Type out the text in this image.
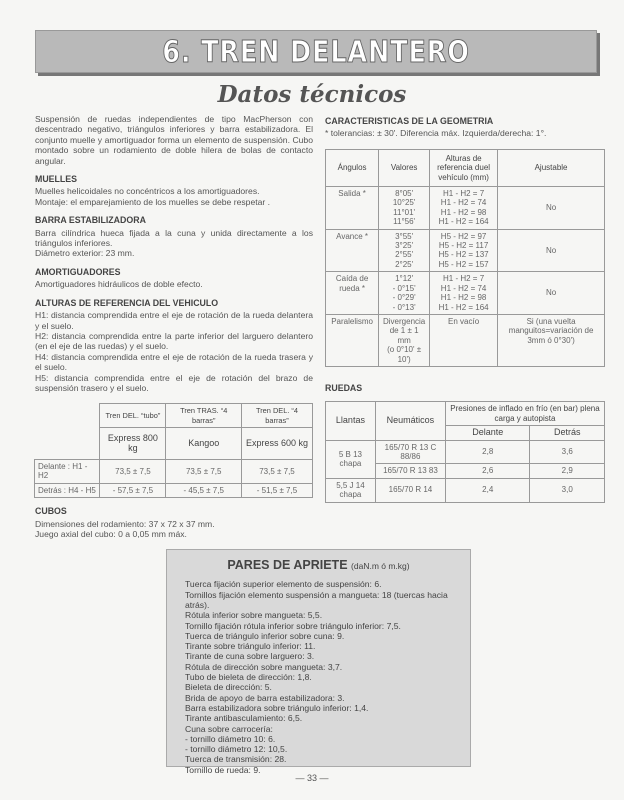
6. TREN DELANTERO
Datos técnicos

Suspensión de ruedas independientes de tipo MacPherson con descentrado negativo, triángulos inferiores y barra estabilizadora. El conjunto muelle y amortiguador forma un elemento de suspensión. Cubo montado sobre un rodamiento de doble hilera de bolas de contacto angular.

MUELLES

Muelles helicoidales no concéntricos a los amortiguadores.

Montaje: el emparejamiento de los muelles se debe respetar .

BARRA ESTABILIZADORA

Barra cilíndrica hueca fijada a la cuna y unida directamente a los triángulos inferiores.

Diámetro exterior: 23 mm.

AMORTIGUADORES

Amortiguadores hidráulicos de doble efecto.

ALTURAS DE REFERENCIA DEL VEHICULO

H1: distancia comprendida entre el eje de rotación de la rueda delantera y el suelo.

H2: distancia comprendida entre la parte inferior del larguero delantero (en el eje de las ruedas) y el suelo.

H4: distancia comprendida entre el eje de rotación de la rueda trasera y el suelo.

H5: distancia comprendida entre el eje de rotación del brazo de suspensión trasero y el suelo.

	Tren DEL. “tubo”	Tren TRAS. “4 barras”	Tren DEL. “4 barras”
	Express 800 kg	Kangoo	Express 600 kg
Delante : H1 - H2	73,5 ± 7,5	73,5 ± 7,5	73,5 ± 7,5
Detrás : H4 - H5	- 57,5 ± 7,5	- 45,5 ± 7,5	- 51,5 ± 7,5
CUBOS
Dimensiones del rodamiento: 37 x 72 x 37 mm.
Juego axial del cubo: 0 a 0,05 mm máx.
CARACTERISTICAS DE LA GEOMETRIA
* tolerancias: ± 30'. Diferencia máx. Izquierda/derecha: 1°.
Ángulos	Valores	Alturas de referencia duel vehículo (mm)	Ajustable
Salida *	8°05'
10°25'
11°01'
11°56'	H1 - H2 = 7
H1 - H2 = 74
H1 - H2 = 98
H1 - H2 = 164	No
Avance *	3°55'
3°25'
2°55'
2°25'	H5 - H2 = 97
H5 - H2 = 117
H5 - H2 = 137
H5 - H2 = 157	No
Caída de rueda *	1°12'
- 0°15'
- 0°29'
- 0°13'	H1 - H2 = 7
H1 - H2 = 74
H1 - H2 = 98
H1 - H2 = 164	No
Paralelismo	Divergencia
de 1 ± 1 mm
(o 0°10' ± 10')	En vacío	Si (una vuelta manguitos=variación de 3mm ó 0°30')
RUEDAS
Llantas	Neumáticos	Presiones de inflado en frío (en bar) plena carga y autopista	
		Delante	Detrás
5 B 13 chapa	165/70 R 13 C 88/86	2,8	3,6
	165/70 R 13 83	2,6	2,9
5,5 J 14 chapa	165/70 R 14	2,4	3,0
PARES DE APRIETE (daN.m ó m.kg)
Tuerca fijación superior elemento de suspensión: 6.
Tornillos fijación elemento suspensión a mangueta: 18 (tuercas hacia atrás).
Rótula inferior sobre mangueta: 5,5.
Tornillo fijación rótula inferior sobre triángulo inferior: 7,5.
Tuerca de triángulo inferior sobre cuna: 9.
Tirante sobre triángulo inferior: 11.
Tirante de cuna sobre larguero: 3.
Rótula de dirección sobre mangueta: 3,7.
Tubo de bieleta de dirección: 1,8.
Bieleta de dirección: 5.
Brida de apoyo de barra estabilizadora: 3.
Barra estabilizadora sobre triángulo inferior: 1,4.
Tirante antibasculamiento: 6,5.
Cuna sobre carrocería:
- tornillo diámetro 10: 6.
- tornillo diámetro 12: 10,5.
Tuerca de transmisión: 28.
Tornillo de rueda: 9.
— 33 —
